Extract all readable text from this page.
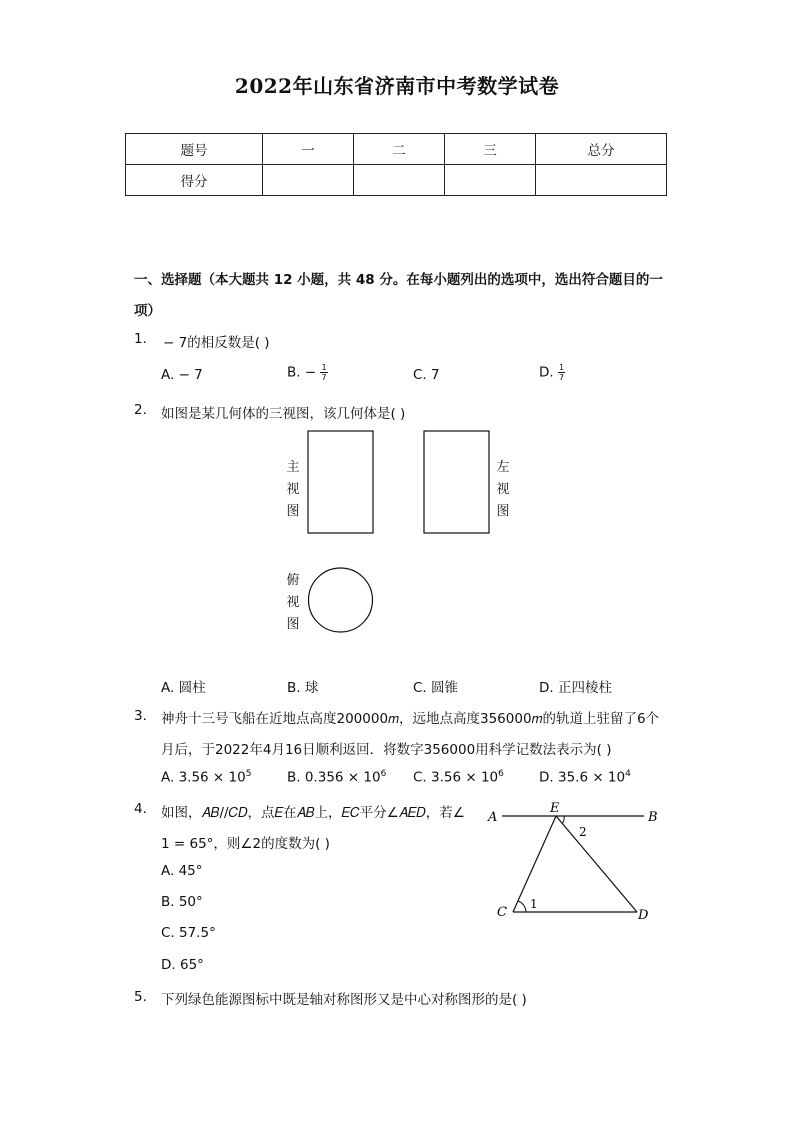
2022年山东省济南市中考数学试卷
题号	一	二	三	总分
得分				
一、选择题（本大题共 12 小题，共 48 分。在每小题列出的选项中，选出符合题目的一
项）
1. − 7的相反数是( )
A. − 7	B. − $\frac{1}{7}$	C. 7	D. $\frac{1}{7}$
2. 如图是某几何体的三视图，该几何体是( )
主视图
左视图
俯视图
A. 圆柱	B. 球	C. 圆锥	D. 正四棱柱
3. 神舟十三号飞船在近地点高度200000𝑚，远地点高度356000𝑚的轨道上驻留了6个
月后，于2022年4月16日顺利返回．将数字356000用科学记数法表示为( )
A. $3.56 \times 10^5$	B. $0.356 \times 10^6$ C. $3.56 \times 10^6$	D. $35.6 \times 10^4$
4. 如图，𝐴𝐵//𝐶𝐷，点𝐸在𝐴𝐵上，𝐸𝐶平分∠𝐴𝐸𝐷，若∠
1 = 65°，则∠2的度数为( )
A. 45°
B. 50°
C. 57.5°
D. 65°
A	B
E
C	D
1
2
5. 下列绿色能源图标中既是轴对称图形又是中心对称图形的是( )
